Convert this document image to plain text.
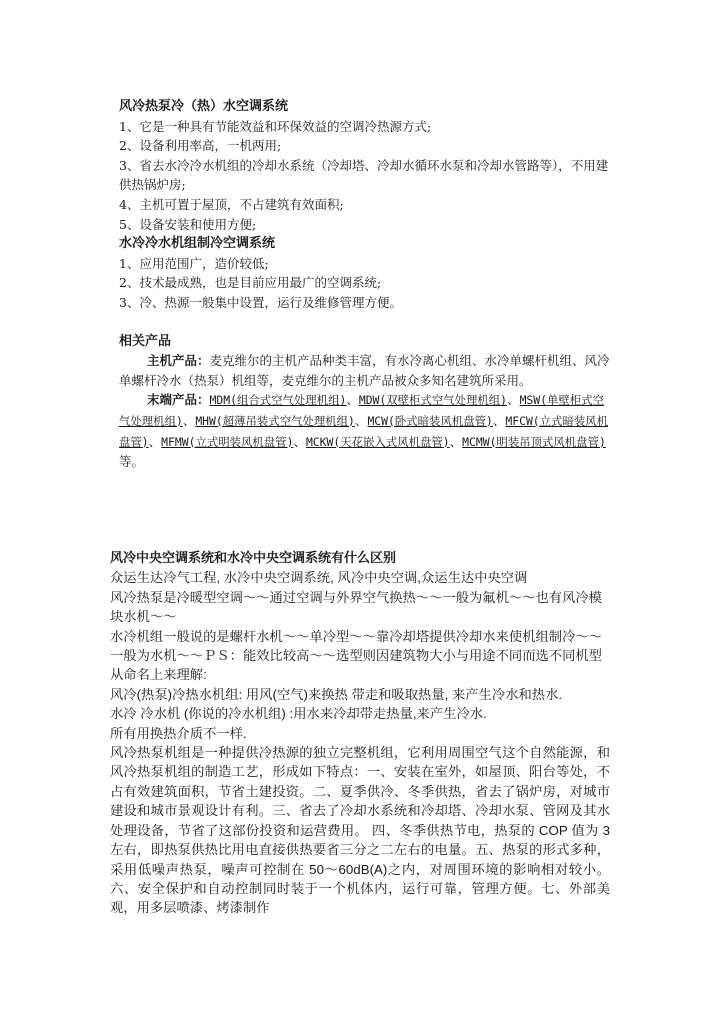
风冷热泵冷（热）水空调系统

1、它是一种具有节能效益和环保效益的空调冷热源方式;

2、设备利用率高，一机两用;

3、省去水冷冷水机组的冷却水系统（冷却塔、冷却水循环水泵和冷却水管路等），不用建供热锅炉房;

4、主机可置于屋顶，不占建筑有效面积;

5、设备安装和使用方便;

水冷冷水机组制冷空调系统

1、应用范围广，造价较低;

2、技术最成熟，也是目前应用最广的空调系统;

3、冷、热源一般集中设置，运行及维修管理方便。

相关产品

主机产品：麦克维尔的主机产品种类丰富，有水冷离心机组、水冷单螺杆机组、风冷单螺杆冷水（热泵）机组等，麦克维尔的主机产品被众多知名建筑所采用。

末端产品：MDM(组合式空气处理机组)、MDW(双壁柜式空气处理机组)、MSW(单壁柜式空气处理机组)、MHW(超薄吊装式空气处理机组)、MCW(卧式暗装风机盘管)、MFCW(立式暗装风机盘管)、MFMW(立式明装风机盘管)、MCKW(天花嵌入式风机盘管)、MCMW(明装吊顶式风机盘管)等。

风冷中央空调系统和水冷中央空调系统有什么区别

众运生达冷气工程, 水冷中央空调系统, 风冷中央空调,众运生达中央空调

风冷热泵是冷暖型空调～～通过空调与外界空气换热～～一般为氟机～～也有风冷模块水机～～

水冷机组一般说的是螺杆水机～～单冷型～～靠冷却塔提供冷却水来使机组制冷～～一般为水机～～ＰＳ：能效比较高～～选型则因建筑物大小与用途不同而选不同机型

从命名上来理解:

风冷(热泵)冷热水机组: 用风(空气)来换热 带走和吸取热量, 来产生冷水和热水.

水冷 冷水机 (你说的冷水机组) :用水来冷却带走热量,来产生冷水.

所有用换热介质不一样.

风冷热泵机组是一种提供冷热源的独立完整机组，它利用周围空气这个自然能源，和风冷热泵机组的制造工艺，形成如下特点：一、安装在室外，如屋顶、阳台等处，不占有效建筑面积，节省土建投资。二、夏季供冷、冬季供热，省去了锅炉房，对城市建设和城市景观设计有利。三、省去了冷却水系统和冷却塔、冷却水泵、管网及其水处理设备，节省了这部份投资和运营费用。 四、冬季供热节电，热泵的 COP 值为 3 左右，即热泵供热比用电直接供热要省三分之二左右的电量。五、热泵的形式多种，采用低噪声热泵，噪声可控制在 50～60dB(A)之内，对周围环境的影响相对较小。六、安全保护和自动控制同时装于一个机体内，运行可靠，管理方便。七、外部美观，用多层喷漆、烤漆制作
